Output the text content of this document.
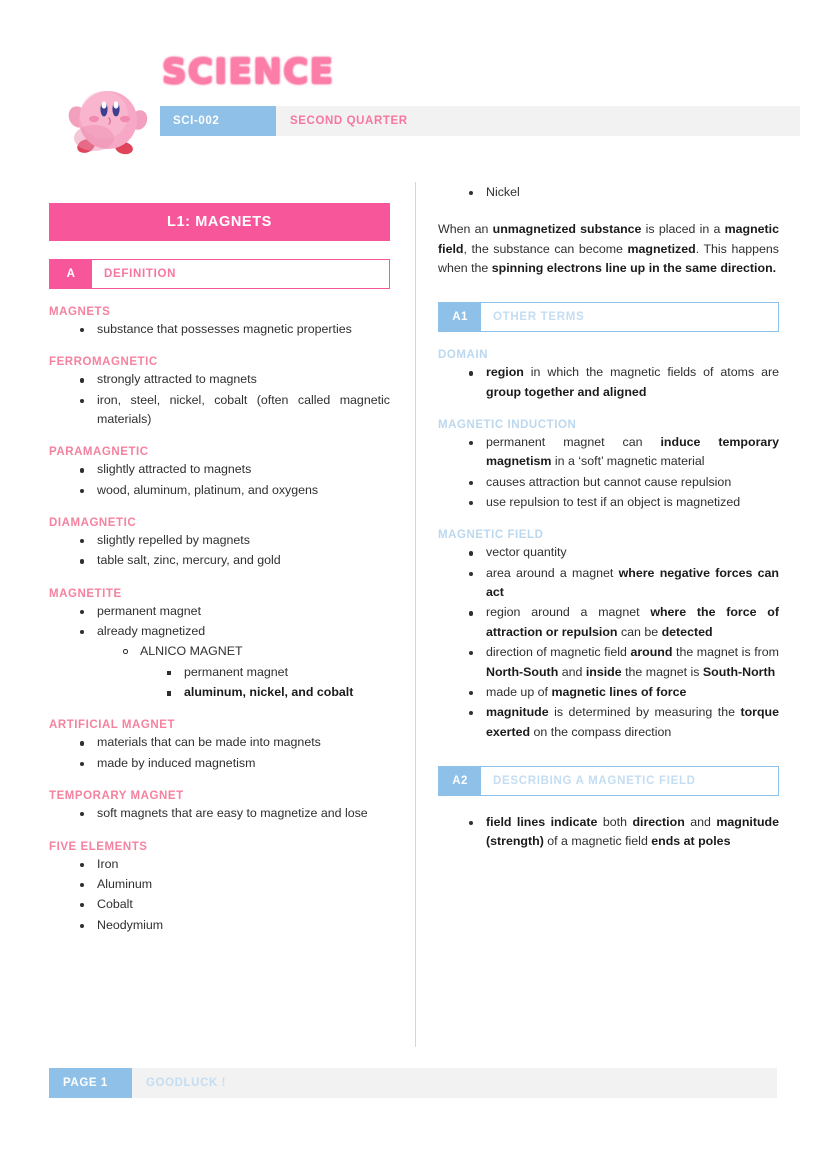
SCIENCE
SCI-002	SECOND QUARTER
L1: MAGNETS
A	DEFINITION
MAGNETS
substance that possesses magnetic properties
FERROMAGNETIC
strongly attracted to magnets
iron, steel, nickel, cobalt (often called magnetic materials)
PARAMAGNETIC
slightly attracted to magnets
wood, aluminum, platinum, and oxygens
DIAMAGNETIC
slightly repelled by magnets
table salt, zinc, mercury, and gold
MAGNETITE
permanent magnet
already magnetized
ALNICO MAGNET
permanent magnet
aluminum, nickel, and cobalt
ARTIFICIAL MAGNET
materials that can be made into magnets
made by induced magnetism
TEMPORARY MAGNET
soft magnets that are easy to magnetize and lose
FIVE ELEMENTS
Iron
Aluminum
Cobalt
Neodymium
Nickel
When an unmagnetized substance is placed in a magnetic field, the substance can become magnetized. This happens when the spinning electrons line up in the same direction.
A1	OTHER TERMS
DOMAIN
region in which the magnetic fields of atoms are group together and aligned
MAGNETIC INDUCTION
permanent magnet can induce temporary magnetism in a ‘soft’ magnetic material
causes attraction but cannot cause repulsion
use repulsion to test if an object is magnetized
MAGNETIC FIELD
vector quantity
area around a magnet where negative forces can act
region around a magnet where the force of attraction or repulsion can be detected
direction of magnetic field around the magnet is from North-South and inside the magnet is South-North
made up of magnetic lines of force
magnitude is determined by measuring the torque exerted on the compass direction
A2	DESCRIBING A MAGNETIC FIELD
field lines indicate both direction and magnitude (strength) of a magnetic field ends at poles
PAGE 1	GOODLUCK !
